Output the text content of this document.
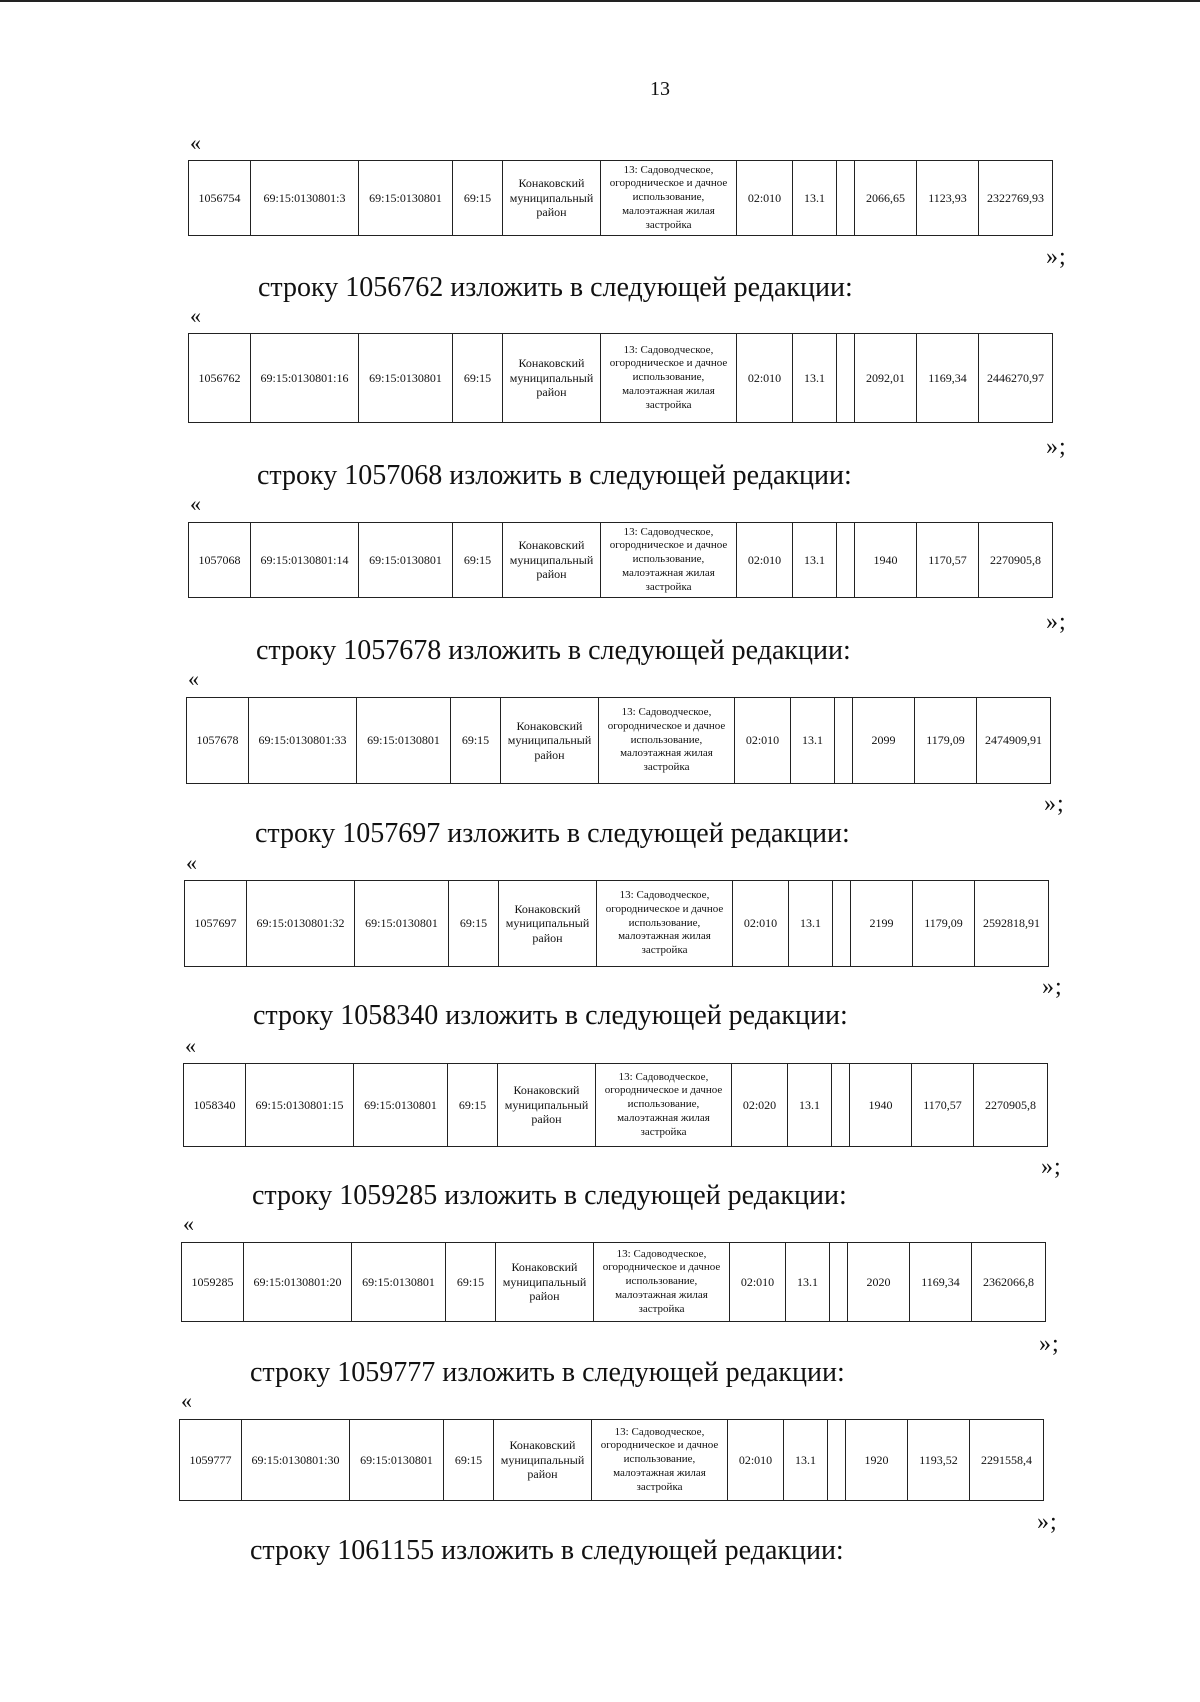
13
«
1056754	69:15:0130801:3	69:15:0130801	69:15	Конаковский муниципальный район	13: Садоводческое, огородническое и дачное использование, малоэтажная жилая застройка	02:010	13.1		2066,65	1123,93	2322769,93
»;
строку 1056762 изложить в следующей редакции:
«
1056762	69:15:0130801:16	69:15:0130801	69:15	Конаковский муниципальный район	13: Садоводческое, огородническое и дачное использование, малоэтажная жилая застройка	02:010	13.1		2092,01	1169,34	2446270,97
»;
строку 1057068 изложить в следующей редакции:
«
1057068	69:15:0130801:14	69:15:0130801	69:15	Конаковский муниципальный район	13: Садоводческое, огородническое и дачное использование, малоэтажная жилая застройка	02:010	13.1		1940	1170,57	2270905,8
»;
строку 1057678 изложить в следующей редакции:
«
1057678	69:15:0130801:33	69:15:0130801	69:15	Конаковский муниципальный район	13: Садоводческое, огородническое и дачное использование, малоэтажная жилая застройка	02:010	13.1		2099	1179,09	2474909,91
»;
строку 1057697 изложить в следующей редакции:
«
1057697	69:15:0130801:32	69:15:0130801	69:15	Конаковский муниципальный район	13: Садоводческое, огородническое и дачное использование, малоэтажная жилая застройка	02:010	13.1		2199	1179,09	2592818,91
»;
строку 1058340 изложить в следующей редакции:
«
1058340	69:15:0130801:15	69:15:0130801	69:15	Конаковский муниципальный район	13: Садоводческое, огородническое и дачное использование, малоэтажная жилая застройка	02:020	13.1		1940	1170,57	2270905,8
»;
строку 1059285 изложить в следующей редакции:
«
1059285	69:15:0130801:20	69:15:0130801	69:15	Конаковский муниципальный район	13: Садоводческое, огородническое и дачное использование, малоэтажная жилая застройка	02:010	13.1		2020	1169,34	2362066,8
»;
строку 1059777 изложить в следующей редакции:
«
1059777	69:15:0130801:30	69:15:0130801	69:15	Конаковский муниципальный район	13: Садоводческое, огородническое и дачное использование, малоэтажная жилая застройка	02:010	13.1		1920	1193,52	2291558,4
»;
строку 1061155 изложить в следующей редакции:
